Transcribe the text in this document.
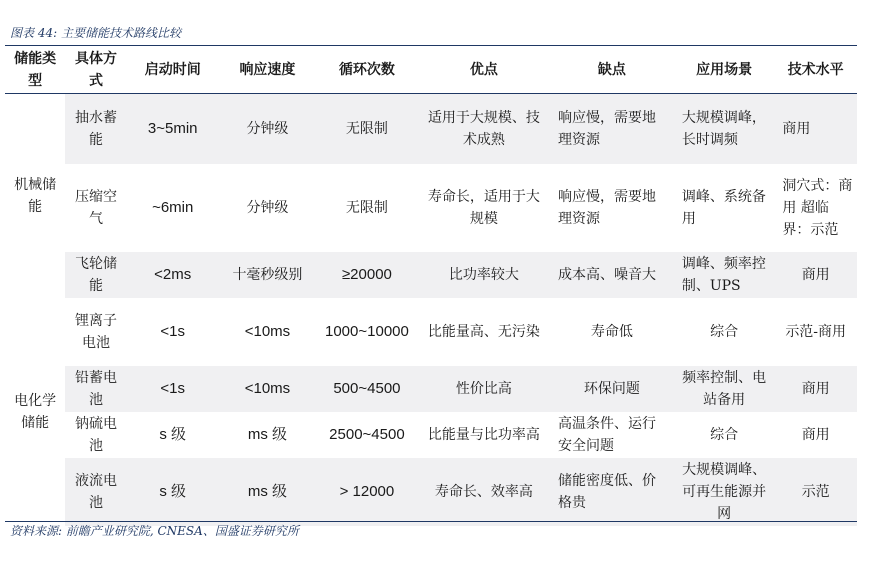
图表 44: 主要储能技术路线比较
储能类型	具体方式	启动时间	响应速度	循环次数	优点	缺点	应用场景	技术水平
机械储能	抽水蓄能	3~5min	分钟级	无限制	适用于大规模、技术成熟	响应慢，需要地理资源	大规模调峰，长时调频	商用
	压缩空气	~6min	分钟级	无限制	寿命长，适用于大规模	响应慢，需要地理资源	调峰、系统备用	洞穴式：商用 超临界：示范
	飞轮储能	<2ms	十毫秒级别	≥20000	比功率较大	成本高、噪音大	调峰、频率控制、UPS	商用
电化学储能	锂离子电池	<1s	<10ms	1000~10000	比能量高、无污染	寿命低	综合	示范-商用
	铅蓄电池	<1s	<10ms	500~4500	性价比高	环保问题	频率控制、电站备用	商用
	钠硫电池	s 级	ms 级	2500~4500	比能量与比功率高	高温条件、运行安全问题	综合	商用
	液流电池	s 级	ms 级	> 12000	寿命长、效率高	储能密度低、价格贵	大规模调峰、可再生能源并网	示范
资料来源: 前瞻产业研究院, CNESA、国盛证券研究所
